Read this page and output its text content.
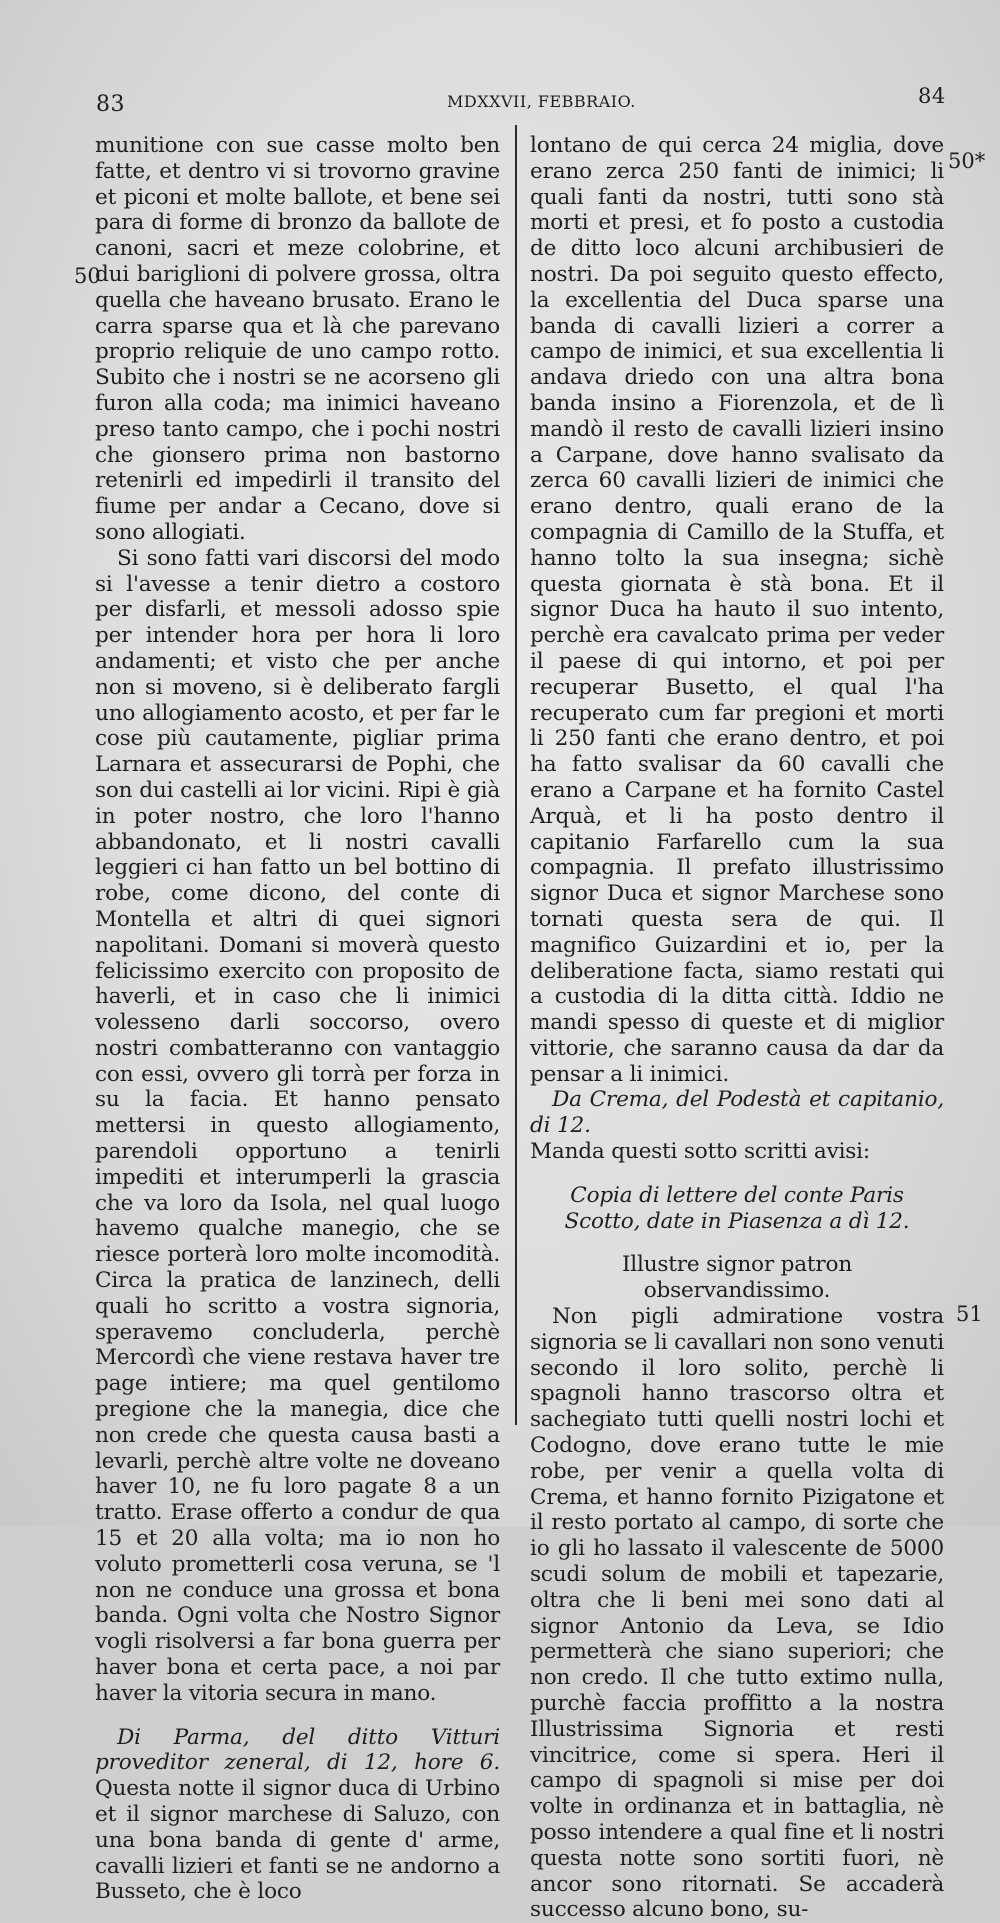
83	MDXXVII, FEBBRAIO.	84
50
50*
51

munitione con sue casse molto ben fatte, et dentro vi si trovorno gravine et piconi et molte ballote, et bene sei para di forme di bronzo da ballote de canoni, sacri et meze colobrine, et dui bariglioni di polvere grossa, oltra quella che haveano brusato. Erano le carra sparse qua et là che parevano proprio reliquie de uno campo rotto. Subito che i nostri se ne acorseno gli furon alla coda; ma inimici haveano preso tanto campo, che i pochi nostri che gionsero prima non bastorno retenirli ed impedirli il transito del fiume per andar a Cecano, dove si sono allogiati.

Si sono fatti vari discorsi del modo si l'avesse a tenir dietro a costoro per disfarli, et messoli adosso spie per intender hora per hora li loro andamenti; et visto che per anche non si moveno, si è deliberato fargli uno allogiamento acosto, et per far le cose più cautamente, pigliar prima Larnara et assecurarsi de Pophi, che son dui castelli ai lor vicini. Ripi è già in poter nostro, che loro l'hanno abbandonato, et li nostri cavalli leggieri ci han fatto un bel bottino di robe, come dicono, del conte di Montella et altri di quei signori napolitani. Domani si moverà questo felicissimo exercito con proposito de haverli, et in caso che li inimici volesseno darli soccorso, overo nostri combatteranno con vantaggio con essi, ovvero gli torrà per forza in su la facia. Et hanno pensato mettersi in questo allogiamento, parendoli opportuno a tenirli impediti et interumperli la grascia che va loro da Isola, nel qual luogo havemo qualche manegio, che se riesce porterà loro molte incomodità. Circa la pratica de lanzinech, delli quali ho scritto a vostra signoria, speravemo concluderla, perchè Mercordì che viene restava haver tre page intiere; ma quel gentilomo pregione che la manegia, dice che non crede che questa causa basti a levarli, perchè altre volte ne doveano haver 10, ne fu loro pagate 8 a un tratto. Erase offerto a condur de qua 15 et 20 alla volta; ma io non ho voluto prometterli cosa veruna, se 'l non ne conduce una grossa et bona banda. Ogni volta che Nostro Signor vogli risolversi a far bona guerra per haver bona et certa pace, a noi par haver la vitoria secura in mano.

Di Parma, del ditto Vitturi proveditor zeneral, di 12, hore 6. Questa notte il signor duca di Urbino et il signor marchese di Saluzo, con una bona banda di gente d' arme, cavalli lizieri et fanti se ne andorno a Busseto, che è loco

lontano de qui cerca 24 miglia, dove erano zerca 250 fanti de inimici; li quali fanti da nostri, tutti sono stà morti et presi, et fo posto a custodia de ditto loco alcuni archibusieri de nostri. Da poi seguito questo effecto, la excellentia del Duca sparse una banda di cavalli lizieri a correr a campo de inimici, et sua excellentia li andava driedo con una altra bona banda insino a Fiorenzola, et de lì mandò il resto de cavalli lizieri insino a Carpane, dove hanno svalisato da zerca 60 cavalli lizieri de inimici che erano dentro, quali erano de la compagnia di Camillo de la Stuffa, et hanno tolto la sua insegna; sichè questa giornata è stà bona. Et il signor Duca ha hauto il suo intento, perchè era cavalcato prima per veder il paese di qui intorno, et poi per recuperar Busetto, el qual l'ha recuperato cum far pregioni et morti li 250 fanti che erano dentro, et poi ha fatto svalisar da 60 cavalli che erano a Carpane et ha fornito Castel Arquà, et li ha posto dentro il capitanio Farfarello cum la sua compagnia. Il prefato illustrissimo signor Duca et signor Marchese sono tornati questa sera de qui. Il magnifico Guizardini et io, per la deliberatione facta, siamo restati qui a custodia di la ditta città. Iddio ne mandi spesso di queste et di miglior vittorie, che saranno causa da dar da pensar a li inimici.

Da Crema, del Podestà et capitanio, di 12.

Manda questi sotto scritti avisi:

Copia di lettere del conte Paris Scotto, date in Piasenza a dì 12.

Illustre signor patron observandissimo.

Non pigli admiratione vostra signoria se li cavallari non sono venuti secondo il loro solito, perchè li spagnoli hanno trascorso oltra et sachegiato tutti quelli nostri lochi et Codogno, dove erano tutte le mie robe, per venir a quella volta di Crema, et hanno fornito Pizigatone et il resto portato al campo, di sorte che io gli ho lassato il valescente de 5000 scudi solum de mobili et tapezarie, oltra che li beni mei sono dati al signor Antonio da Leva, se Idio permetterà che siano superiori; che non credo. Il che tutto extimo nulla, purchè faccia proffitto a la nostra Illustrissima Signoria et resti vincitrice, come si spera. Heri il campo di spagnoli si mise per doi volte in ordinanza et in battaglia, nè posso intendere a qual fine et li nostri questa notte sono sortiti fuori, nè ancor sono ritornati. Se accaderà successo alcuno bono, su-
